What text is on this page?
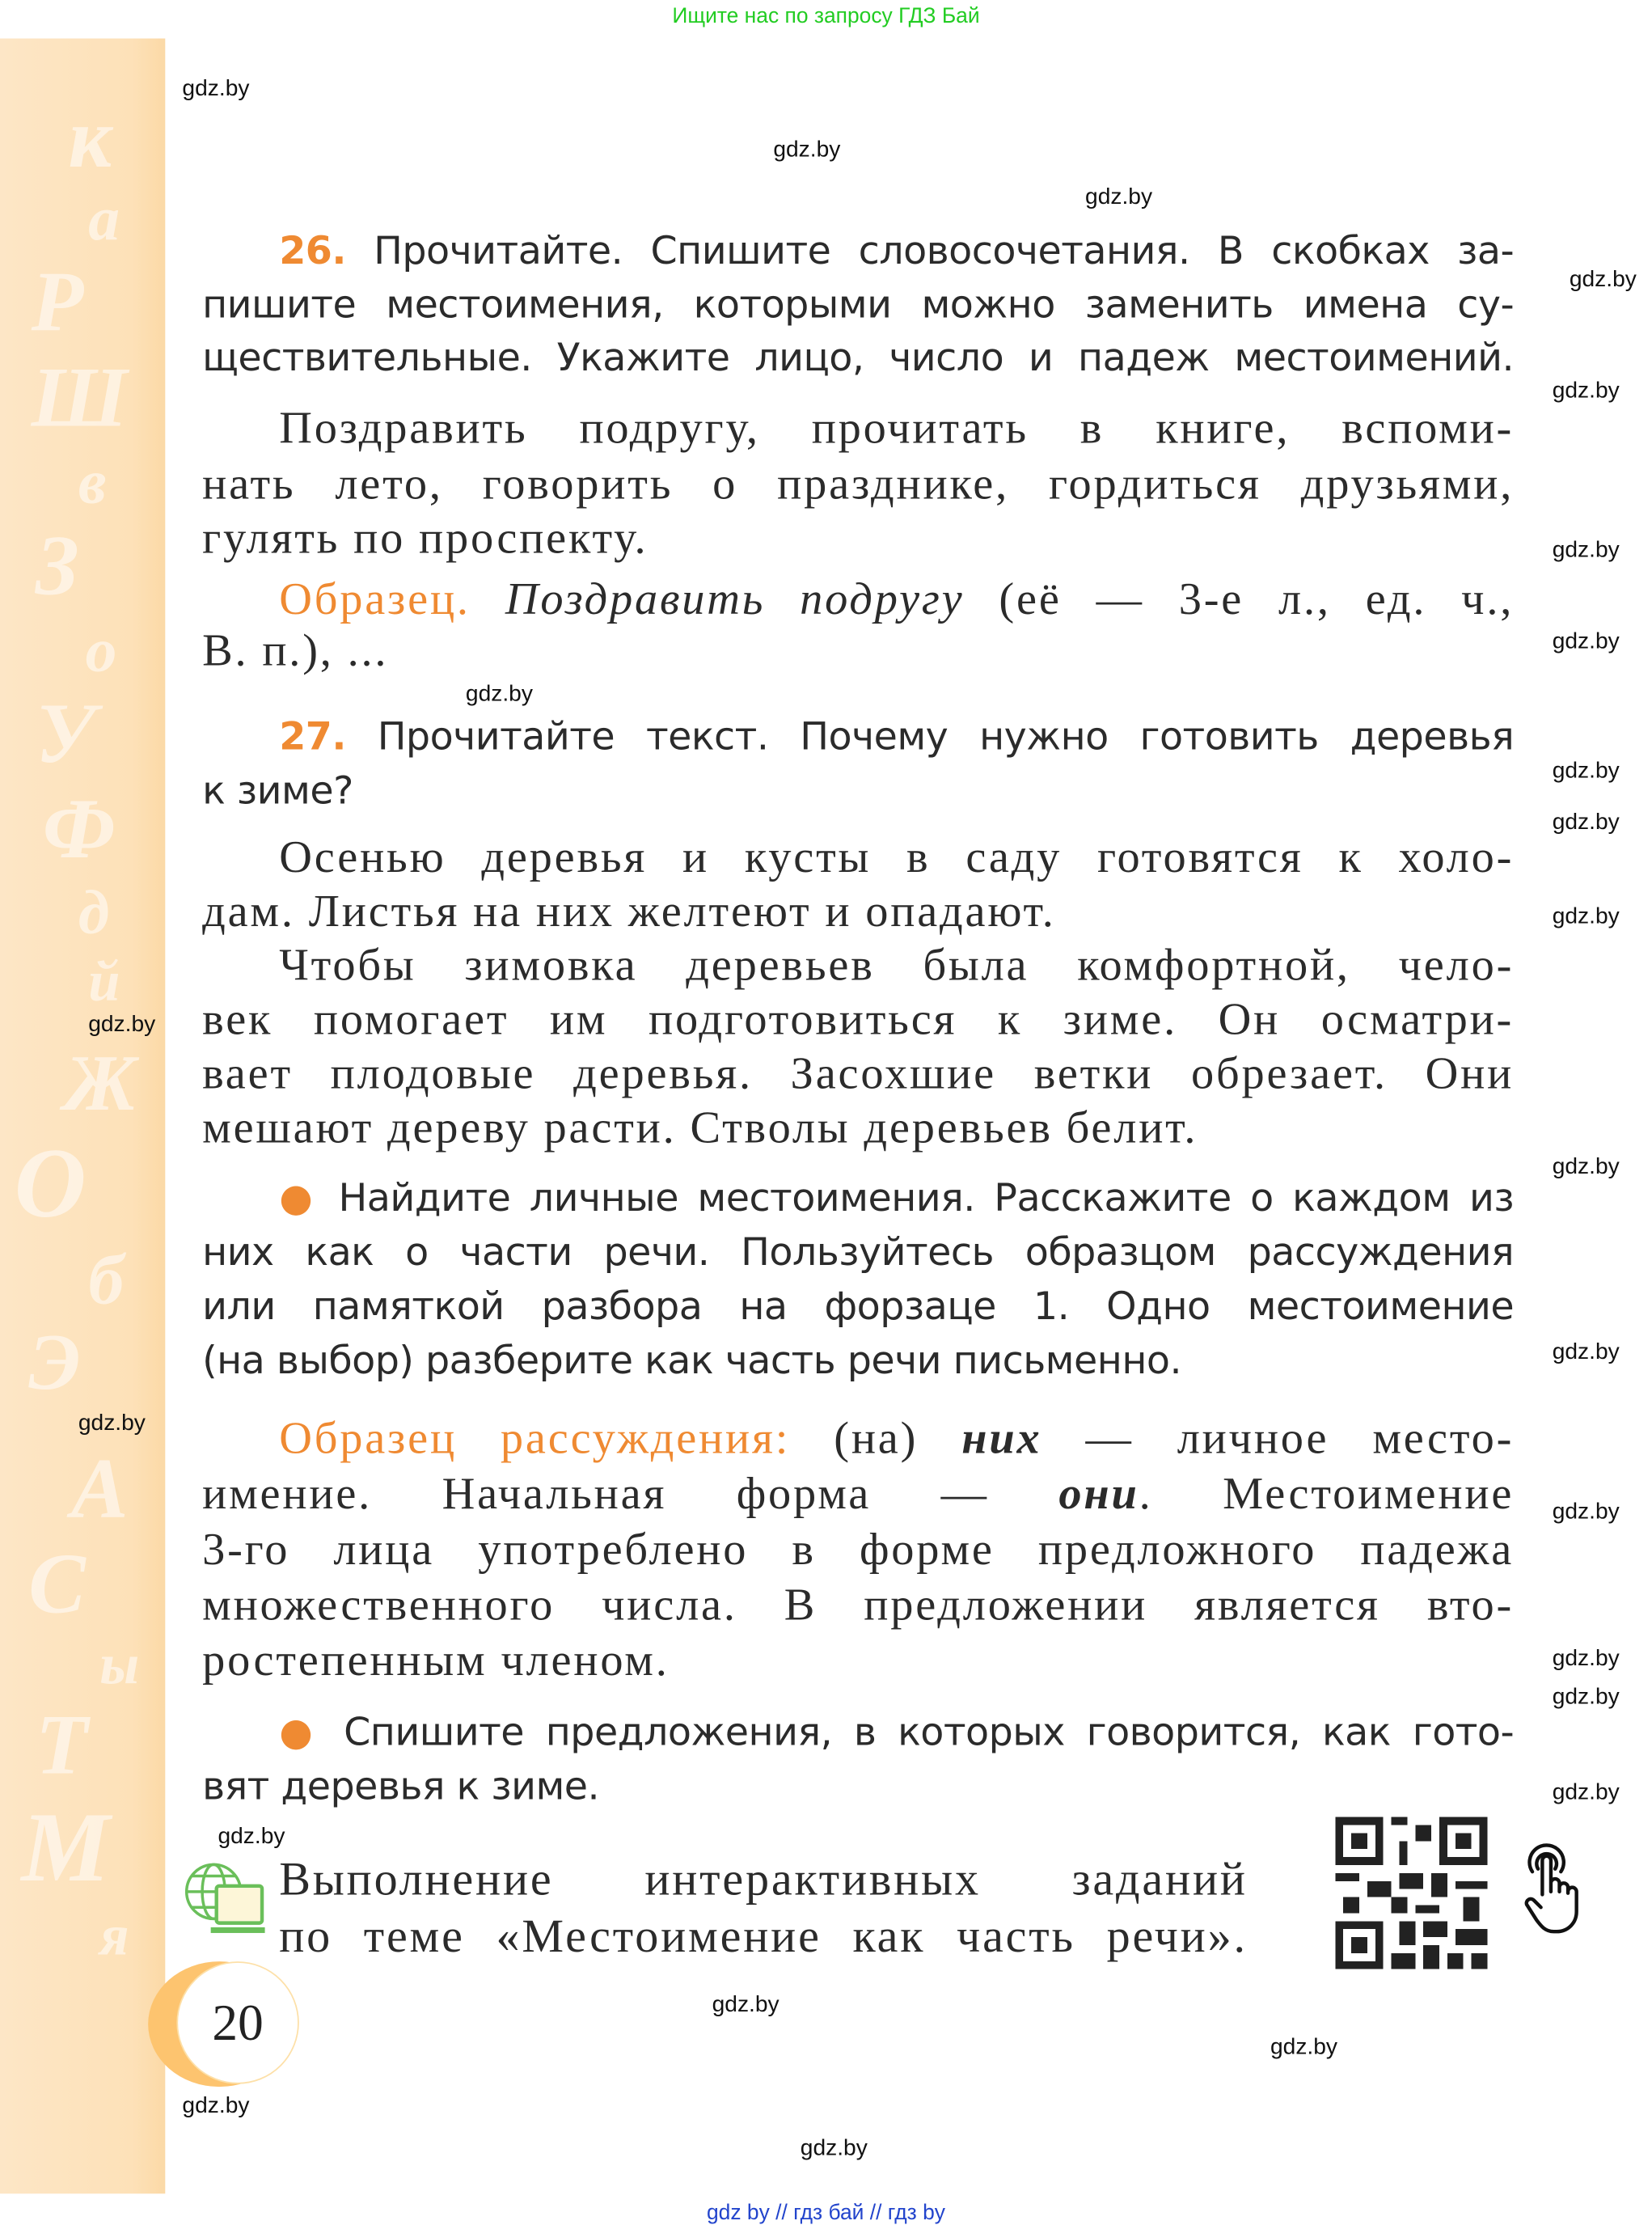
Ищите нас по запросу ГДЗ Бай
к
а
Р
Ш
в
З
о
У
Ф
д
й
Ж
О
б
Э
А
С
ы
Т
М
я
26. Прочитайте. Спишите словосочетания. В скобках за-
пишите местоимения, которыми можно заменить имена су-
ществительные. Укажите лицо, число и падеж местоимений.
Поздравить подругу, прочитать в книге, вспоми-
нать лето, говорить о празднике, гордиться друзьями,
гулять по проспекту.
Образец. Поздравить подругу (её — 3-е л., ед. ч.,
В. п.), ...
27. Прочитайте текст. Почему нужно готовить деревья
к зиме?
Осенью деревья и кусты в саду готовятся к холо-
дам. Листья на них желтеют и опадают.
Чтобы зимовка деревьев была комфортной, чело-
век помогает им подготовиться к зиме. Он осматри-
вает плодовые деревья. Засохшие ветки обрезает. Они
мешают дереву расти. Стволы деревьев белит.
● Найдите личные местоимения. Расскажите о каждом из
них как о части речи. Пользуйтесь образцом рассуждения
или памяткой разбора на форзаце 1. Одно местоимение
(на выбор) разберите как часть речи письменно.
Образец рассуждения: (на) них — личное место-
имение. Начальная форма —	они. Местоимение
3-го лица употреблено в форме предложного падежа
множественного числа. В предложении является вто-
ростепенным членом.
● Спишите предложения, в которых говорится, как гото-
вят деревья к зиме.
Выполнение интерактивных заданий
по теме «Местоимение как часть речи».
20
gdz.by
gdz.by
gdz.by
gdz.by
gdz.by
gdz.by
gdz.by
gdz.by
gdz.by
gdz.by
gdz.by
gdz.by
gdz.by
gdz.by
gdz.by
gdz.by
gdz.by
gdz.by
gdz.by
gdz.by
gdz.by
gdz.by
gdz.by
gdz.by
gdz by // гдз бай // гдз by
